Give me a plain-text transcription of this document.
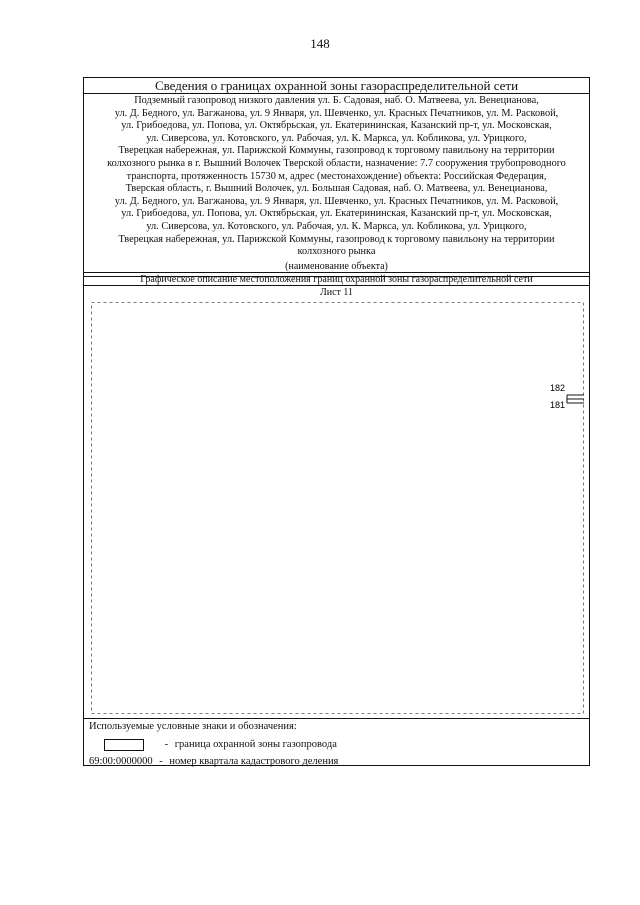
148
Сведения о границах охранной зоны газораспределительной сети
Подземный газопровод низкого давления ул. Б. Садовая, наб. О. Матвеева, ул. Венецианова,
ул. Д. Бедного, ул. Вагжанова, ул. 9 Января, ул. Шевченко, ул. Красных Печатников, ул. М. Расковой,
ул. Грибоедова, ул. Попова, ул. Октябрьская, ул. Екатерининская, Казанский пр-т, ул. Московская,
ул. Сиверсова, ул. Котовского, ул. Рабочая, ул. К. Маркса, ул. Кобликова, ул. Урицкого,
Тверецкая набережная, ул. Парижской Коммуны, газопровод к торговому павильону на территории
колхозного рынка в г. Вышний Волочек Тверской области, назначение: 7.7 сооружения трубопроводного
транспорта, протяженность 15730 м, адрес (местонахождение) объекта: Российская Федерация,
Тверская область, г. Вышний Волочек, ул. Большая Садовая, наб. О. Матвеева, ул. Венецианова,
ул. Д. Бедного, ул. Вагжанова, ул. 9 Января, ул. Шевченко, ул. Красных Печатников, ул. М. Расковой,
ул. Грибоедова, ул. Попова, ул. Октябрьская, ул. Екатерининская, Казанский пр-т, ул. Московская,
ул. Сиверсова, ул. Котовского, ул. Рабочая, ул. К. Маркса, ул. Кобликова, ул. Урицкого,
Тверецкая набережная, ул. Парижской Коммуны, газопровод к торговому павильону на территории
колхозного рынка
(наименование объекта)
Графическое описание местоположения границ охранной зоны газораспределительной сети
Лист 11
182
181
Используемые условные знаки и обозначения:
- граница охранной зоны газопровода
69:00:0000000 - номер квартала кадастрового деления
